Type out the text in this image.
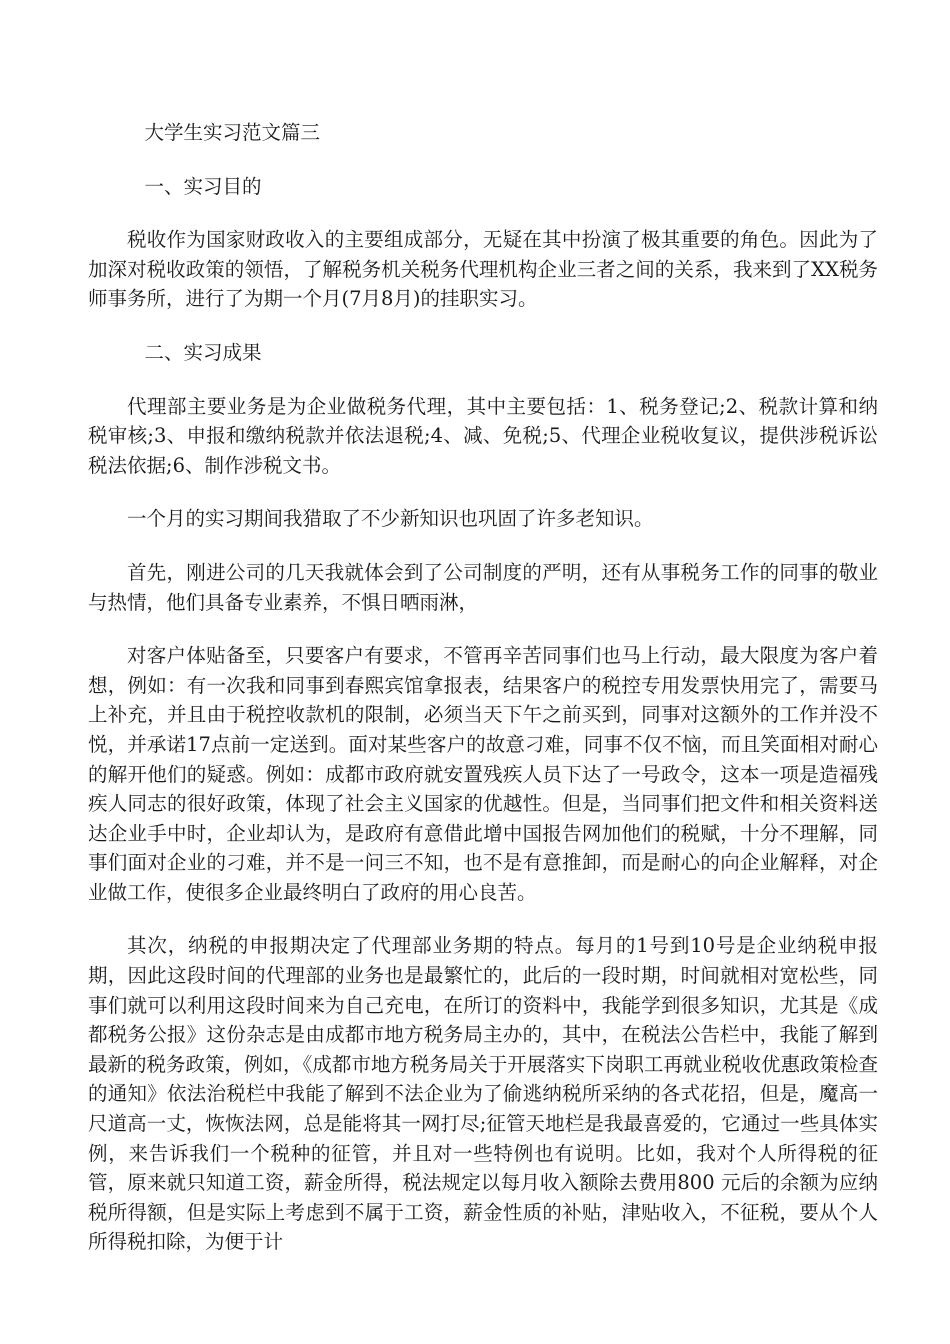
大学生实习范文篇三

一、实习目的

税收作为国家财政收入的主要组成部分，无疑在其中扮演了极其重要的角色。因此为了加深对税收政策的领悟，了解税务机关税务代理机构企业三者之间的关系，我来到了XX税务师事务所，进行了为期一个月(7月8月)的挂职实习。

二、实习成果

代理部主要业务是为企业做税务代理，其中主要包括：1、税务登记;2、税款计算和纳税审核;3、申报和缴纳税款并依法退税;4、减、免税;5、代理企业税收复议，提供涉税诉讼税法依据;6、制作涉税文书。

一个月的实习期间我猎取了不少新知识也巩固了许多老知识。

首先，刚进公司的几天我就体会到了公司制度的严明，还有从事税务工作的同事的敬业与热情，他们具备专业素养，不惧日晒雨淋，

对客户体贴备至，只要客户有要求，不管再辛苦同事们也马上行动，最大限度为客户着想，例如：有一次我和同事到春熙宾馆拿报表，结果客户的税控专用发票快用完了，需要马上补充，并且由于税控收款机的限制，必须当天下午之前买到，同事对这额外的工作并没不悦，并承诺17点前一定送到。面对某些客户的故意刁难，同事不仅不恼，而且笑面相对耐心的解开他们的疑惑。例如：成都市政府就安置残疾人员下达了一号政令，这本一项是造福残疾人同志的很好政策，体现了社会主义国家的优越性。但是，当同事们把文件和相关资料送达企业手中时，企业却认为，是政府有意借此增中国报告网加他们的税赋，十分不理解，同事们面对企业的刁难，并不是一问三不知，也不是有意推卸，而是耐心的向企业解释，对企业做工作，使很多企业最终明白了政府的用心良苦。

其次，纳税的申报期决定了代理部业务期的特点。每月的1号到10号是企业纳税申报期，因此这段时间的代理部的业务也是最繁忙的，此后的一段时期，时间就相对宽松些，同事们就可以利用这段时间来为自己充电，在所订的资料中，我能学到很多知识，尤其是《成都税务公报》这份杂志是由成都市地方税务局主办的，其中，在税法公告栏中，我能了解到最新的税务政策，例如，《成都市地方税务局关于开展落实下岗职工再就业税收优惠政策检查的通知》依法治税栏中我能了解到不法企业为了偷逃纳税所采纳的各式花招，但是，魔高一尺道高一丈，恢恢法网，总是能将其一网打尽;征管天地栏是我最喜爱的，它通过一些具体实例，来告诉我们一个税种的征管，并且对一些特例也有说明。比如，我对个人所得税的征管，原来就只知道工资，薪金所得，税法规定以每月收入额除去费用800 元后的余额为应纳税所得额，但是实际上考虑到不属于工资，薪金性质的补贴，津贴收入，不征税，要从个人所得税扣除，为便于计
